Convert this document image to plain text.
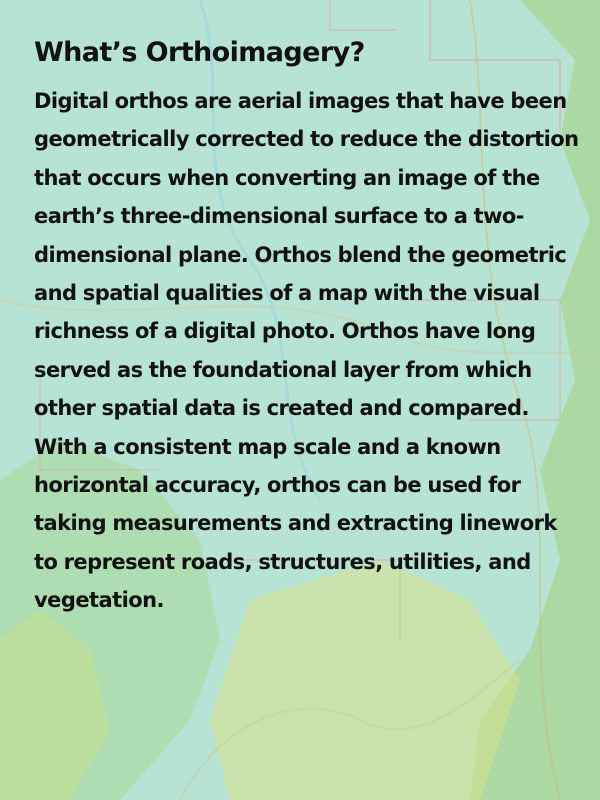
What’s Orthoimagery?

Digital orthos are aerial images that have been geometrically corrected to reduce the distortion that occurs when converting an image of the earth’s three-dimensional surface to a two-dimensional plane. Orthos blend the geometric and spatial qualities of a map with the visual richness of a digital photo. Orthos have long served as the foundational layer from which other spatial data is created and compared. With a consistent map scale and a known horizontal accuracy, orthos can be used for taking measurements and extracting linework to represent roads, structures, utilities, and vegetation.
